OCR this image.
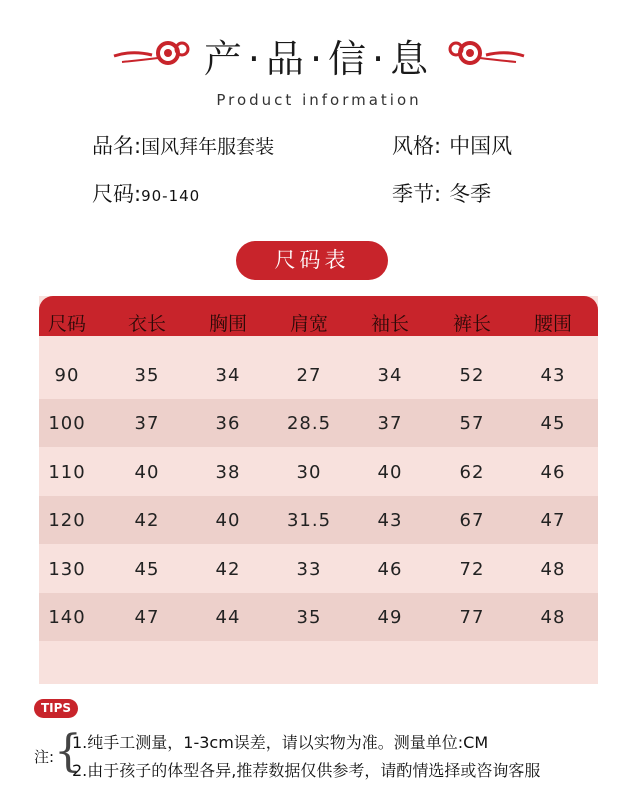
产·品·信·息
Product information
品名:国风拜年服套装	风格: 中国风
尺码:90-140	季节: 冬季
尺码表
尺码	衣长	胸围	肩宽	袖长	裤长	腰围
90	35	34	27	34	52	43
100	37	36	28.5	37	57	45
110	40	38	30	40	62	46
120	42	40	31.5	43	67	47
130	45	42	33	46	72	48
140	47	44	35	49	77	48
TIPS
注: {
1.纯手工测量，1-3cm误差，请以实物为准。测量单位:CM
2.由于孩子的体型各异,推荐数据仅供参考，请酌情选择或咨询客服
